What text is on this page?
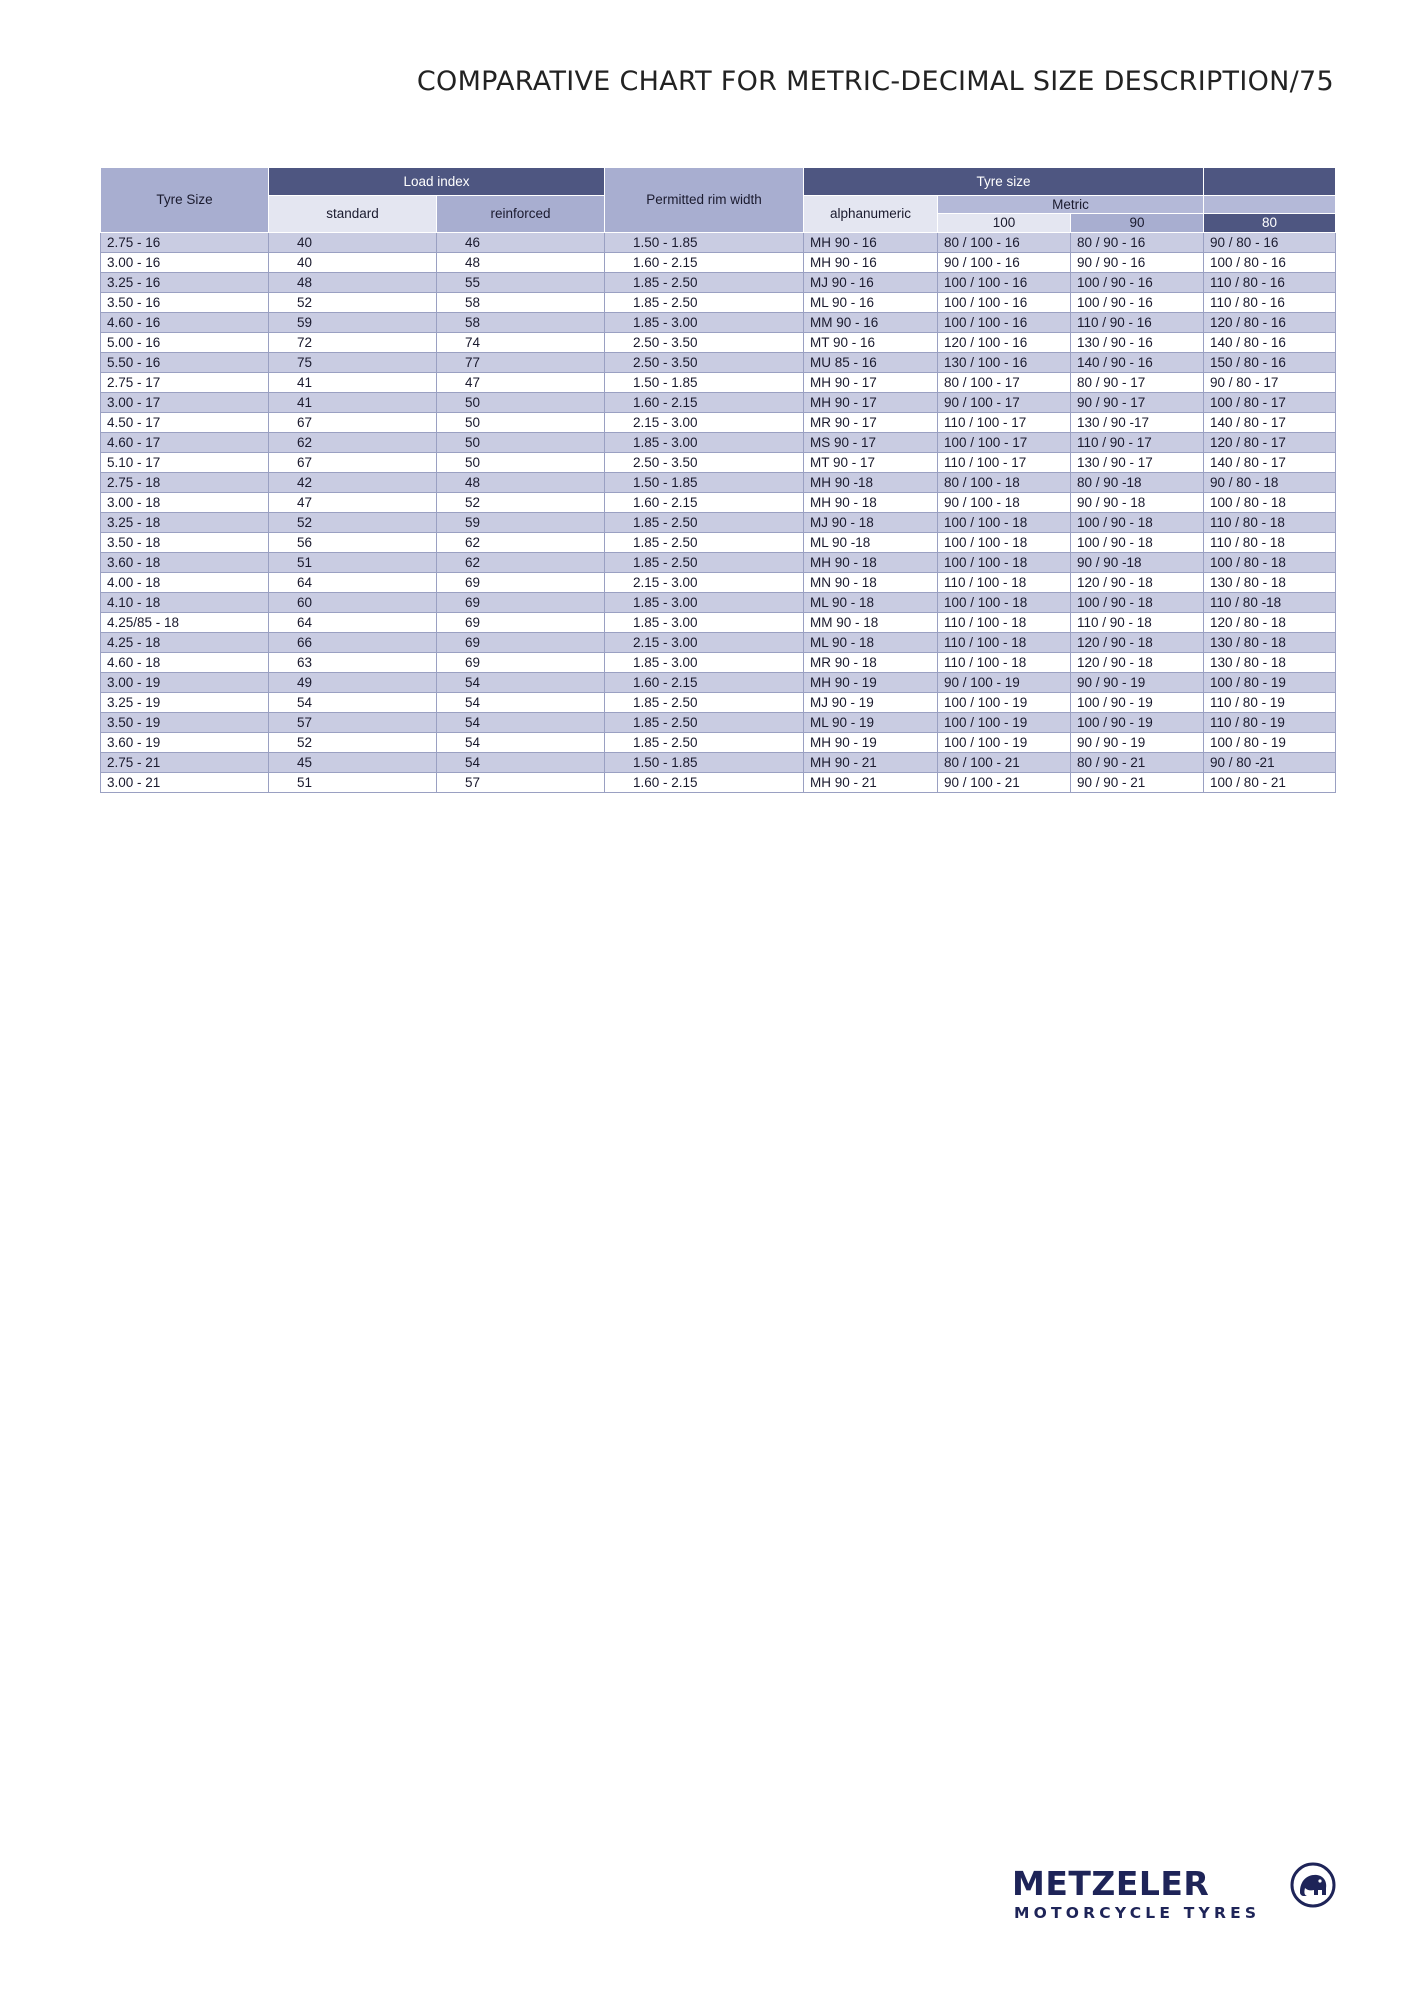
COMPARATIVE CHART FOR METRIC-DECIMAL SIZE DESCRIPTION/75
Tyre Size	Load index		Permitted rim width	Tyre size			
	standard	reinforced		alphanumeric	Metric		
					100	90	80
2.75 - 16	40	46	1.50 - 1.85	MH 90 - 16	80 / 100 - 16	80 / 90 - 16	90 / 80 - 16
3.00 - 16	40	48	1.60 - 2.15	MH 90 - 16	90 / 100 - 16	90 / 90 - 16	100 / 80 - 16
3.25 - 16	48	55	1.85 - 2.50	MJ 90 - 16	100 / 100 - 16	100 / 90 - 16	110 / 80 - 16
3.50 - 16	52	58	1.85 - 2.50	ML 90 - 16	100 / 100 - 16	100 / 90 - 16	110 / 80 - 16
4.60 - 16	59	58	1.85 - 3.00	MM 90 - 16	100 / 100 - 16	110 / 90 - 16	120 / 80 - 16
5.00 - 16	72	74	2.50 - 3.50	MT 90 - 16	120 / 100 - 16	130 / 90 - 16	140 / 80 - 16
5.50 - 16	75	77	2.50 - 3.50	MU 85 - 16	130 / 100 - 16	140 / 90 - 16	150 / 80 - 16
2.75 - 17	41	47	1.50 - 1.85	MH 90 - 17	80 / 100 - 17	80 / 90 - 17	90 / 80 - 17
3.00 - 17	41	50	1.60 - 2.15	MH 90 - 17	90 / 100 - 17	90 / 90 - 17	100 / 80 - 17
4.50 - 17	67	50	2.15 - 3.00	MR 90 - 17	110 / 100 - 17	130 / 90 -17	140 / 80 - 17
4.60 - 17	62	50	1.85 - 3.00	MS 90 - 17	100 / 100 - 17	110 / 90 - 17	120 / 80 - 17
5.10 - 17	67	50	2.50 - 3.50	MT 90 - 17	110 / 100 - 17	130 / 90 - 17	140 / 80 - 17
2.75 - 18	42	48	1.50 - 1.85	MH 90 -18	80 / 100 - 18	80 / 90 -18	90 / 80 - 18
3.00 - 18	47	52	1.60 - 2.15	MH 90 - 18	90 / 100 - 18	90 / 90 - 18	100 / 80 - 18
3.25 - 18	52	59	1.85 - 2.50	MJ 90 - 18	100 / 100 - 18	100 / 90 - 18	110 / 80 - 18
3.50 - 18	56	62	1.85 - 2.50	ML 90 -18	100 / 100 - 18	100 / 90 - 18	110 / 80 - 18
3.60 - 18	51	62	1.85 - 2.50	MH 90 - 18	100 / 100 - 18	90 / 90 -18	100 / 80 - 18
4.00 - 18	64	69	2.15 - 3.00	MN 90 - 18	110 / 100 - 18	120 / 90 - 18	130 / 80 - 18
4.10 - 18	60	69	1.85 - 3.00	ML 90 - 18	100 / 100 - 18	100 / 90 - 18	110 / 80 -18
4.25/85 - 18	64	69	1.85 - 3.00	MM 90 - 18	110 / 100 - 18	110 / 90 - 18	120 / 80 - 18
4.25 - 18	66	69	2.15 - 3.00	ML 90 - 18	110 / 100 - 18	120 / 90 - 18	130 / 80 - 18
4.60 - 18	63	69	1.85 - 3.00	MR 90 - 18	110 / 100 - 18	120 / 90 - 18	130 / 80 - 18
3.00 - 19	49	54	1.60 - 2.15	MH 90 - 19	90 / 100 - 19	90 / 90 - 19	100 / 80 - 19
3.25 - 19	54	54	1.85 - 2.50	MJ 90 - 19	100 / 100 - 19	100 / 90 - 19	110 / 80 - 19
3.50 - 19	57	54	1.85 - 2.50	ML 90 - 19	100 / 100 - 19	100 / 90 - 19	110 / 80 - 19
3.60 - 19	52	54	1.85 - 2.50	MH 90 - 19	100 / 100 - 19	90 / 90 - 19	100 / 80 - 19
2.75 - 21	45	54	1.50 - 1.85	MH 90 - 21	80 / 100 - 21	80 / 90 - 21	90 / 80 -21
3.00 - 21	51	57	1.60 - 2.15	MH 90 - 21	90 / 100 - 21	90 / 90 - 21	100 / 80 - 21
METZELER
MOTORCYCLE TYRES
